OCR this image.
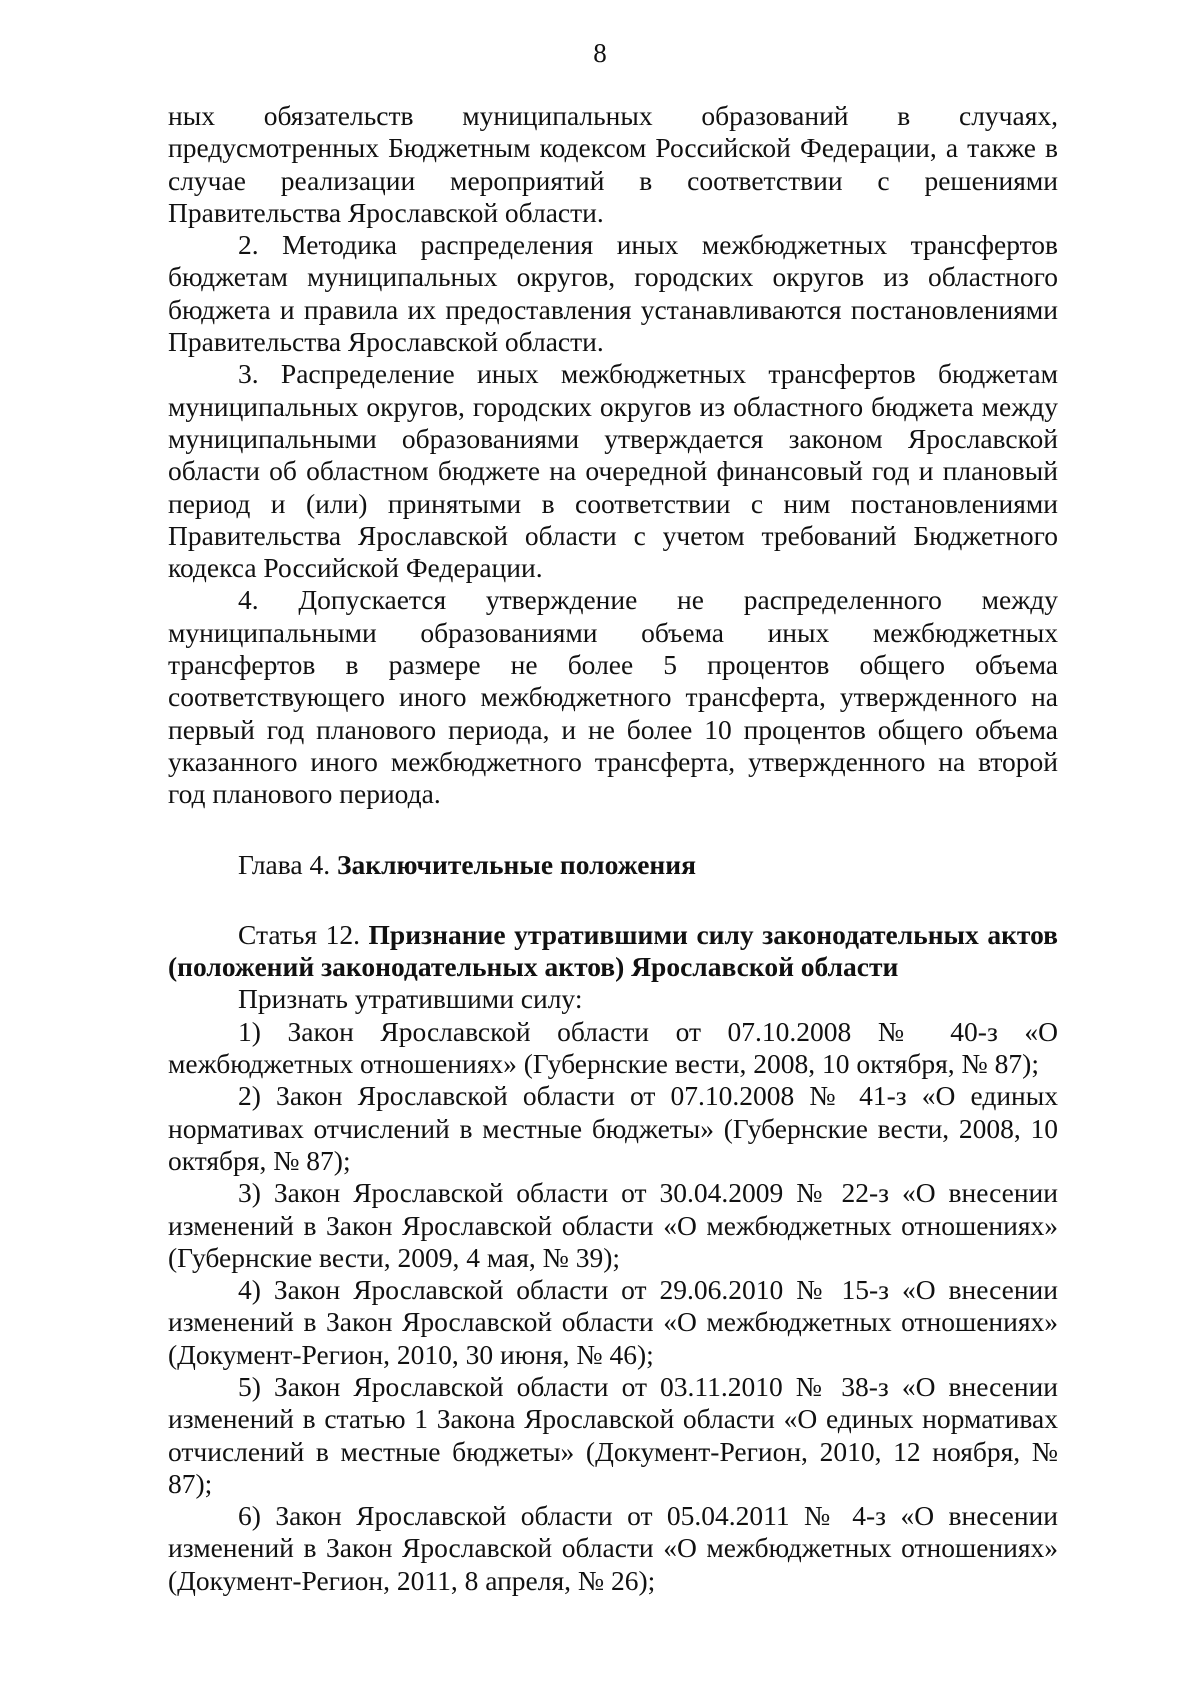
8

ных обязательств муниципальных образований в случаях, предусмотренных Бюджетным кодексом Российской Федерации, а также в случае реализации мероприятий в соответствии с решениями Правительства Ярославской области.

2. Методика распределения иных межбюджетных трансфертов бюджетам муниципальных округов, городских округов из областного бюджета и правила их предоставления устанавливаются постановлениями Правительства Ярославской области.

3. Распределение иных межбюджетных трансфертов бюджетам муниципальных округов, городских округов из областного бюджета между муниципальными образованиями утверждается законом Ярославской области об областном бюджете на очередной финансовый год и плановый период и (или) принятыми в соответствии с ним постановлениями Правительства Ярославской области с учетом требований Бюджетного кодекса Российской Федерации.

4. Допускается утверждение не распределенного между муниципальными образованиями объема иных межбюджетных трансфертов в размере не более 5 процентов общего объема соответствующего иного межбюджетного трансферта, утвержденного на первый год планового периода, и не более 10 процентов общего объема указанного иного межбюджетного трансферта, утвержденного на второй год планового периода.

Глава 4. Заключительные положения

Статья 12. Признание утратившими силу законодательных актов (положений законодательных актов) Ярославской области

Признать утратившими силу:

1) Закон Ярославской области от 07.10.2008 № 40-з «О межбюджетных отношениях» (Губернские вести, 2008, 10 октября, № 87);

2) Закон Ярославской области от 07.10.2008 № 41-з «О единых нормативах отчислений в местные бюджеты» (Губернские вести, 2008, 10 октября, № 87);

3) Закон Ярославской области от 30.04.2009 № 22-з «О внесении изменений в Закон Ярославской области «О межбюджетных отношениях» (Губернские вести, 2009, 4 мая, № 39);

4) Закон Ярославской области от 29.06.2010 № 15-з «О внесении изменений в Закон Ярославской области «О межбюджетных отношениях» (Документ-Регион, 2010, 30 июня, № 46);

5) Закон Ярославской области от 03.11.2010 № 38-з «О внесении изменений в статью 1 Закона Ярославской области «О единых нормативах отчислений в местные бюджеты» (Документ-Регион, 2010, 12 ноября, № 87);

6) Закон Ярославской области от 05.04.2011 № 4-з «О внесении изменений в Закон Ярославской области «О межбюджетных отношениях» (Документ-Регион, 2011, 8 апреля, № 26);
